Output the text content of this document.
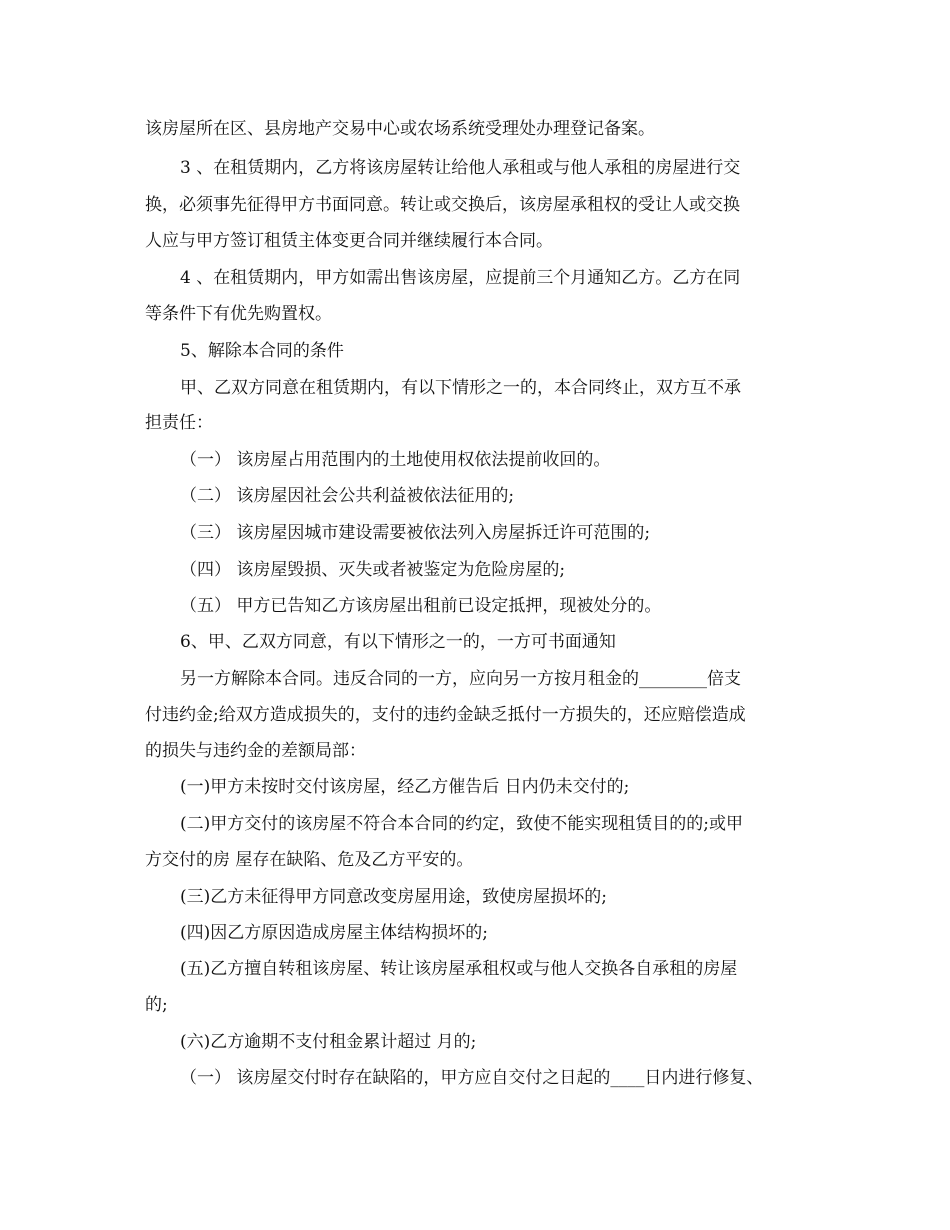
该房屋所在区、县房地产交易中心或农场系统受理处办理登记备案。

3 、在租赁期内，乙方将该房屋转让给他人承租或与他人承租的房屋进行交

换，必须事先征得甲方书面同意。转让或交换后，该房屋承租权的受让人或交换

人应与甲方签订租赁主体变更合同并继续履行本合同。

4 、在租赁期内，甲方如需出售该房屋，应提前三个月通知乙方。乙方在同

等条件下有优先购置权。

5、解除本合同的条件

甲、乙双方同意在租赁期内，有以下情形之一的，本合同终止，双方互不承

担责任：

（一） 该房屋占用范围内的土地使用权依法提前收回的。

（二） 该房屋因社会公共利益被依法征用的;

（三） 该房屋因城市建设需要被依法列入房屋拆迁许可范围的;

（四） 该房屋毁损、灭失或者被鉴定为危险房屋的;

（五） 甲方已告知乙方该房屋出租前已设定抵押，现被处分的。

6、甲、乙双方同意，有以下情形之一的，一方可书面通知

另一方解除本合同。违反合同的一方，应向另一方按月租金的________倍支

付违约金;给双方造成损失的，支付的违约金缺乏抵付一方损失的，还应赔偿造成

的损失与违约金的差额局部：

(一)甲方未按时交付该房屋，经乙方催告后 日内仍未交付的;

(二)甲方交付的该房屋不符合本合同的约定，致使不能实现租赁目的的;或甲

方交付的房 屋存在缺陷、危及乙方平安的。

(三)乙方未征得甲方同意改变房屋用途，致使房屋损坏的;

(四)因乙方原因造成房屋主体结构损坏的;

(五)乙方擅自转租该房屋、转让该房屋承租权或与他人交换各自承租的房屋

的;

(六)乙方逾期不支付租金累计超过 月的;

（一） 该房屋交付时存在缺陷的，甲方应自交付之日起的____日内进行修复、
